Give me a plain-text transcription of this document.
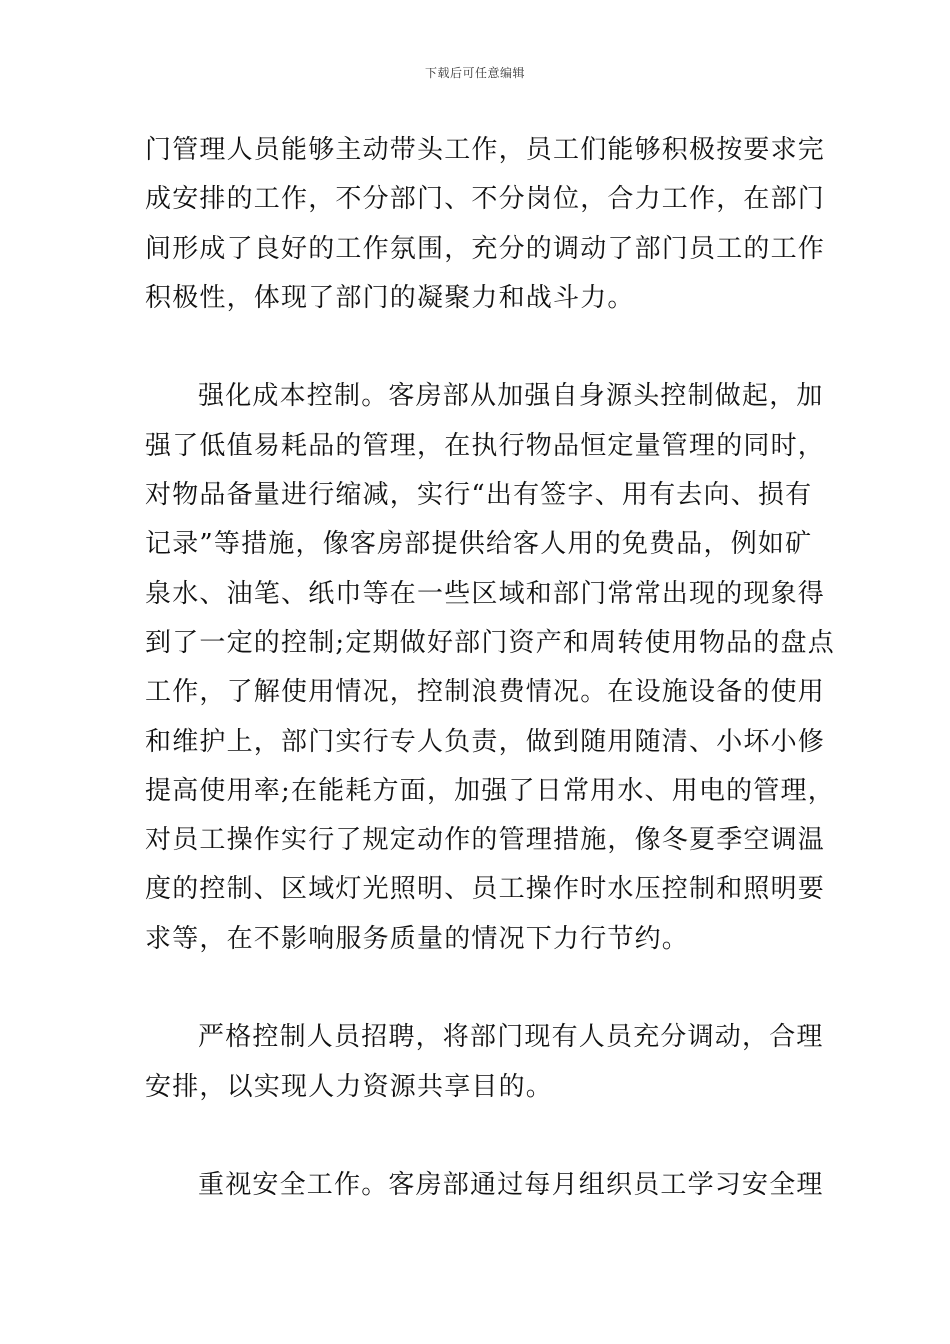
下载后可任意编辑
门管理人员能够主动带头工作，员工们能够积极按要求完
成安排的工作，不分部门、不分岗位，合力工作，在部门
间形成了良好的工作氛围，充分的调动了部门员工的工作
积极性，体现了部门的凝聚力和战斗力。
强化成本控制。客房部从加强自身源头控制做起，加
强了低值易耗品的管理，在执行物品恒定量管理的同时，
对物品备量进行缩减，实行“出有签字、用有去向、损有
记录”等措施，像客房部提供给客人用的免费品，例如矿
泉水、油笔、纸巾等在一些区域和部门常常出现的现象得
到了一定的控制;定期做好部门资产和周转使用物品的盘点
工作，了解使用情况，控制浪费情况。在设施设备的使用
和维护上，部门实行专人负责，做到随用随清、小坏小修
提高使用率;在能耗方面，加强了日常用水、用电的管理，
对员工操作实行了规定动作的管理措施，像冬夏季空调温
度的控制、区域灯光照明、员工操作时水压控制和照明要
求等，在不影响服务质量的情况下力行节约。
严格控制人员招聘，将部门现有人员充分调动，合理
安排，以实现人力资源共享目的。
重视安全工作。客房部通过每月组织员工学习安全理
